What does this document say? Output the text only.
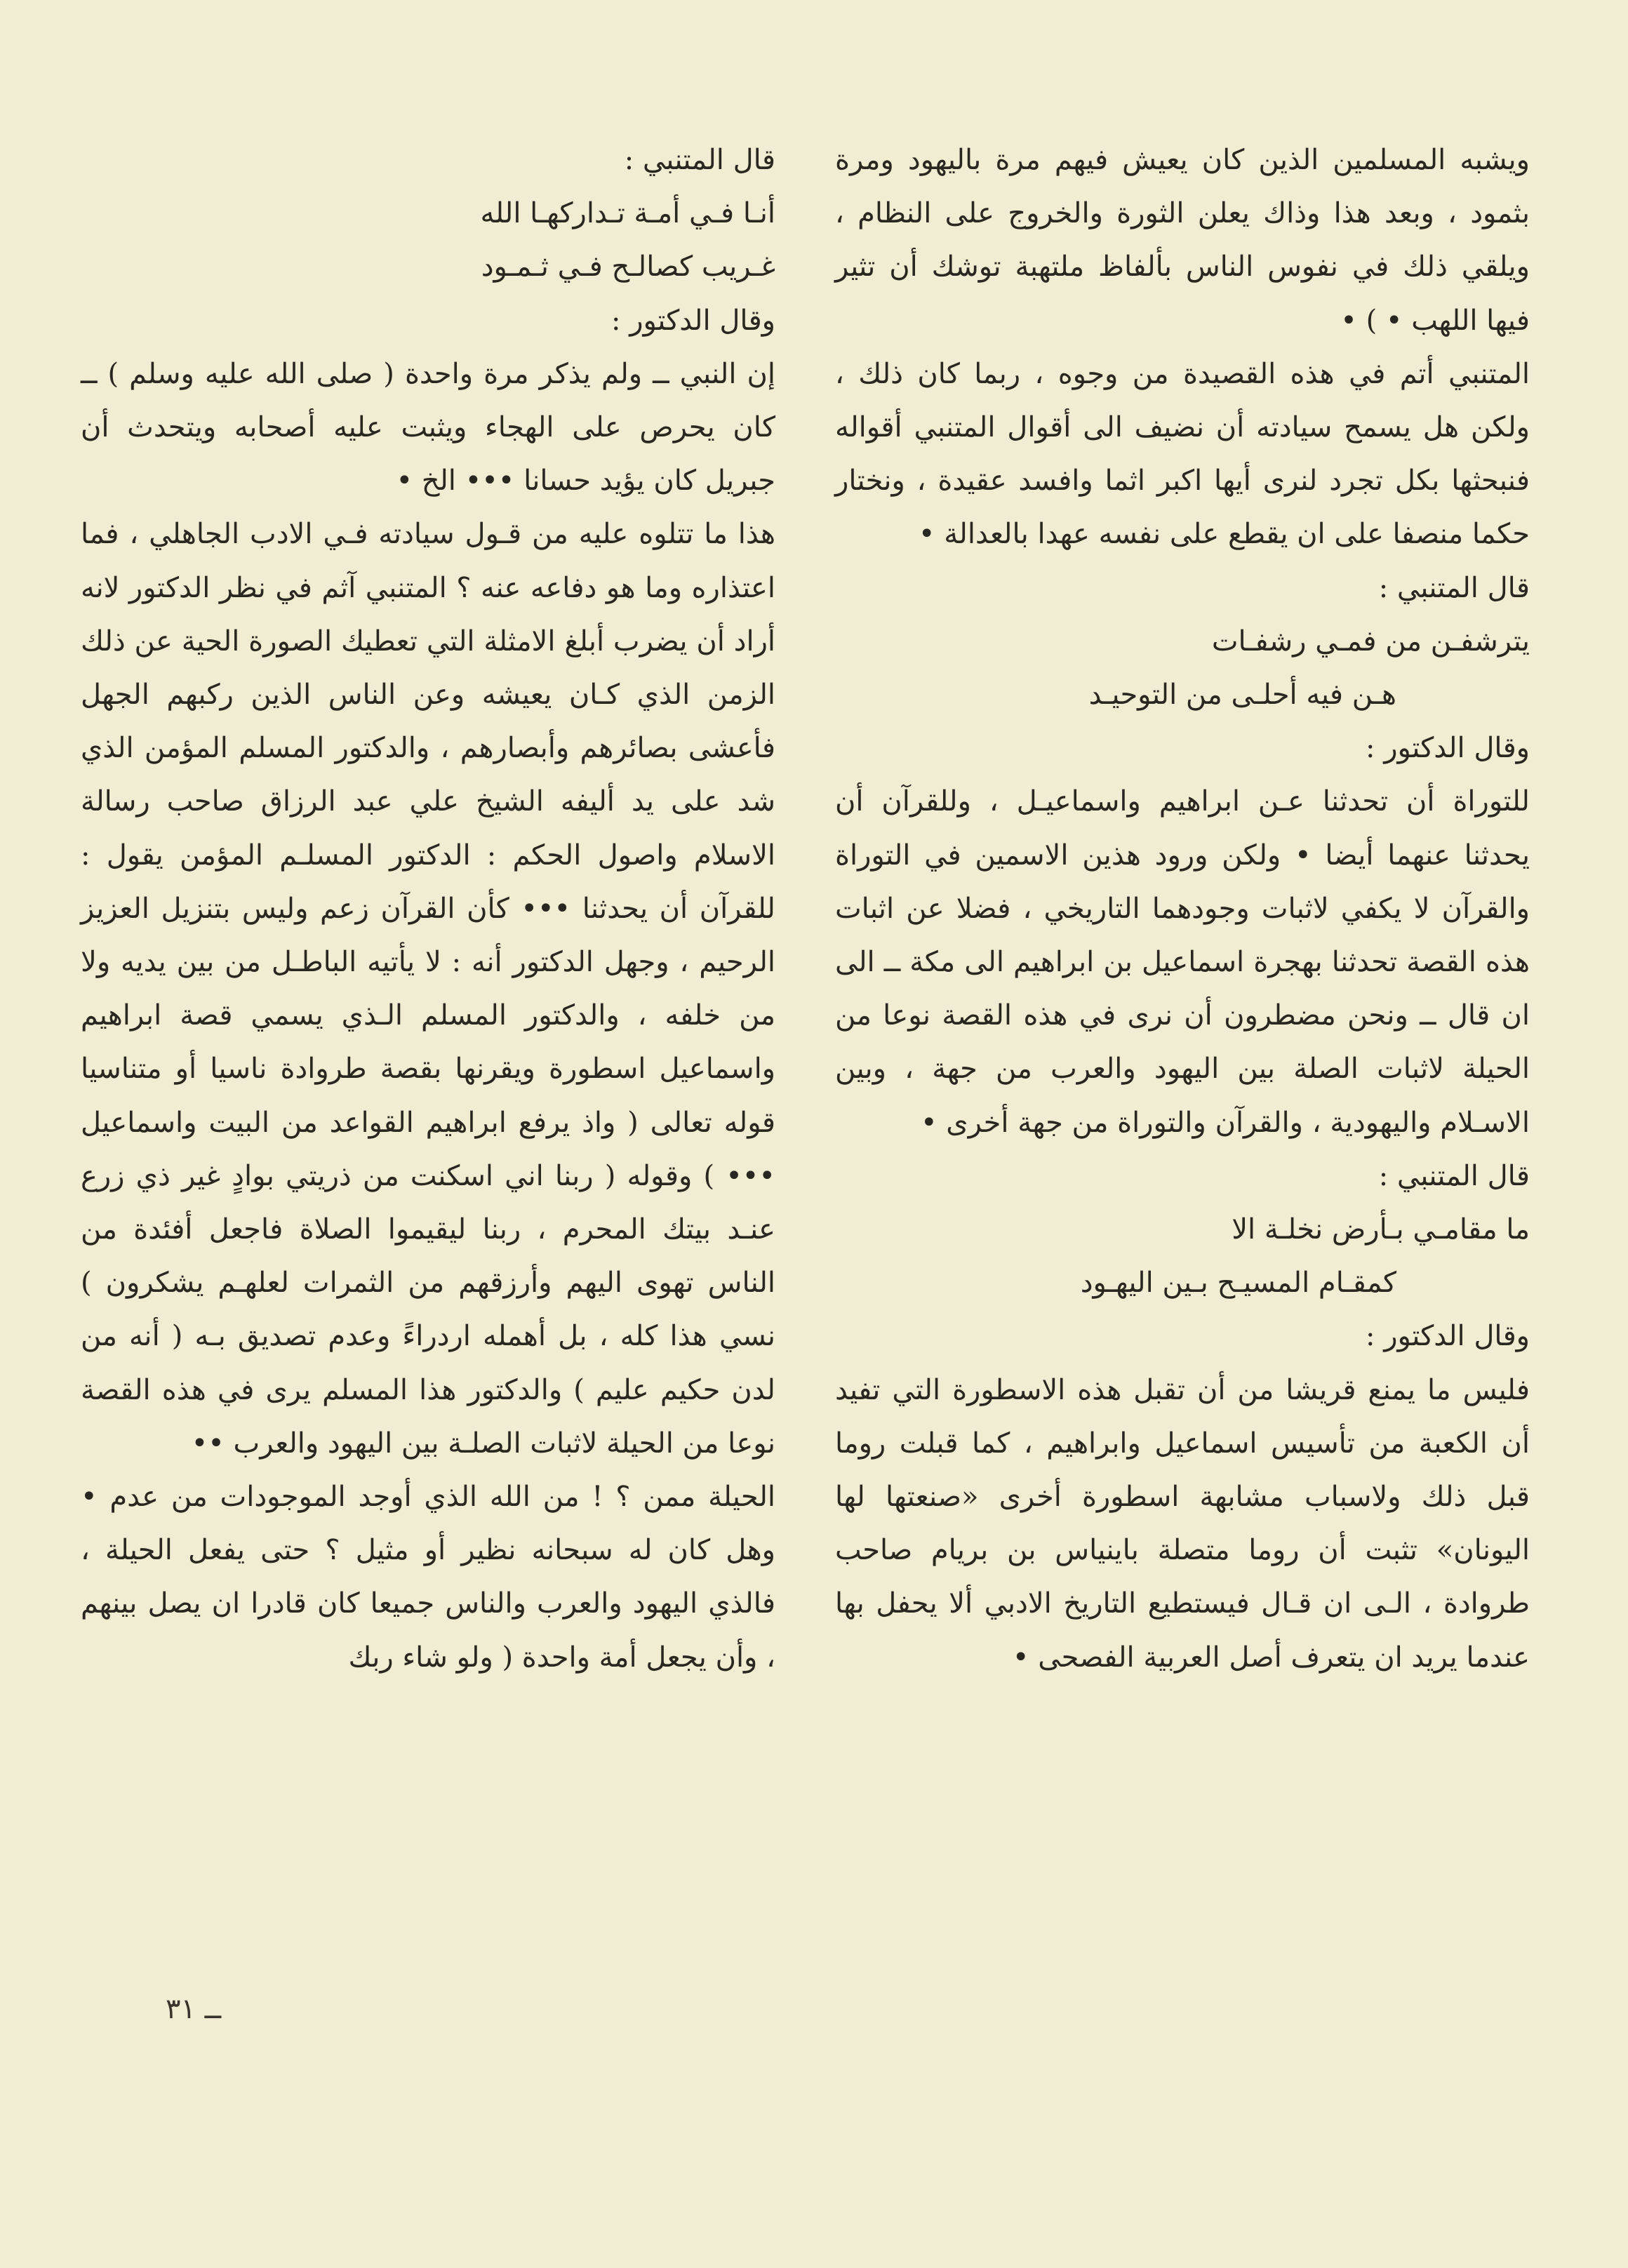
ويشبه المسلمين الذين كان يعيش فيهم مرة باليهود ومرة بثمود ، وبعد هذا وذاك يعلن الثورة والخروج على النظام ، ويلقي ذلك في نفوس الناس بألفاظ ملتهبة توشك أن تثير فيها اللهب • ) •

المتنبي أتم في هذه القصيدة من وجوه ، ربما كان ذلك ، ولكن هل يسمح سيادته أن نضيف الى أقوال المتنبي أقواله فنبحثها بكل تجرد لنرى أيها اكبر اثما وافسد عقيدة ، ونختار حكما منصفا على ان يقطع على نفسه عهدا بالعدالة •

قال المتنبي :

يترشفـن من فمـي رشفـات

هـن فيه أحلـى من التوحيـد

وقال الدكتور :

للتوراة أن تحدثنا عـن ابراهيم واسماعيـل ، وللقرآن أن يحدثنا عنهما أيضا • ولكن ورود هذين الاسمين في التوراة والقرآن لا يكفي لاثبات وجودهما التاريخي ، فضلا عن اثبات هذه القصة تحدثنا بهجرة اسماعيل بن ابراهيم الى مكة ــ الى ان قال ــ ونحن مضطرون أن نرى في هذه القصة نوعا من الحيلة لاثبات الصلة بين اليهود والعرب من جهة ، وبين الاسـلام واليهودية ، والقرآن والتوراة من جهة أخرى •

قال المتنبي :

ما مقامـي بـأرض نخلـة الا

كمقـام المسيـح بـين اليهـود

وقال الدكتور :

فليس ما يمنع قريشا من أن تقبل هذه الاسطورة التي تفيد أن الكعبة من تأسيس اسماعيل وابراهيم ، كما قبلت روما قبل ذلك ولاسباب مشابهة اسطورة أخرى «صنعتها لها اليونان» تثبت أن روما متصلة باينياس بن بريام صاحب طروادة ، الـى ان قـال فيستطيع التاريخ الادبي ألا يحفل بها عندما يريد ان يتعرف أصل العربية الفصحى •

قال المتنبي :

أنـا فـي أمـة تـداركهـا الله

غـريب كصالـح فـي ثـمـود

وقال الدكتور :

إن النبي ــ ولم يذكر مرة واحدة ( صلى الله عليه وسلم ) ــ كان يحرص على الهجاء ويثبت عليه أصحابه ويتحدث أن جبريل كان يؤيد حسانا ••• الخ •

هذا ما تتلوه عليه من قـول سيادته فـي الادب الجاهلي ، فما اعتذاره وما هو دفاعه عنه ؟ المتنبي آثم في نظر الدكتور لانه أراد أن يضرب أبلغ الامثلة التي تعطيك الصورة الحية عن ذلك الزمن الذي كـان يعيشه وعن الناس الذين ركبهم الجهل فأعشى بصائرهم وأبصارهم ، والدكتور المسلم المؤمن الذي شد على يد أليفه الشيخ علي عبد الرزاق صاحب رسالة الاسلام واصول الحكم : الدكتور المسلـم المؤمن يقول : للقرآن أن يحدثنا ••• كأن القرآن زعم وليس بتنزيل العزيز الرحيم ، وجهل الدكتور أنه : لا يأتيه الباطـل من بين يديه ولا من خلفه ، والدكتور المسلم الـذي يسمي قصة ابراهيم واسماعيل اسطورة ويقرنها بقصة طروادة ناسيا أو متناسيا قوله تعالى ( واذ يرفع ابراهيم القواعد من البيت واسماعيل ••• ) وقوله ( ربنا اني اسكنت من ذريتي بوادٍ غير ذي زرع عنـد بيتك المحرم ، ربنا ليقيموا الصلاة فاجعل أفئدة من الناس تهوى اليهم وأرزقهم من الثمرات لعلهـم يشكرون ) نسي هذا كله ، بل أهمله اردراءً وعدم تصديق بـه ( أنه من لدن حكيم عليم ) والدكتور هذا المسلم يرى في هذه القصة نوعا من الحيلة لاثبات الصلـة بين اليهود والعرب ••

الحيلة ممن ؟ ! من الله الذي أوجد الموجودات من عدم • وهل كان له سبحانه نظير أو مثيل ؟ حتى يفعل الحيلة ، فالذي اليهود والعرب والناس جميعا كان قادرا ان يصل بينهم ، وأن يجعل أمة واحدة ( ولو شاء ربك

ــ ٣١
